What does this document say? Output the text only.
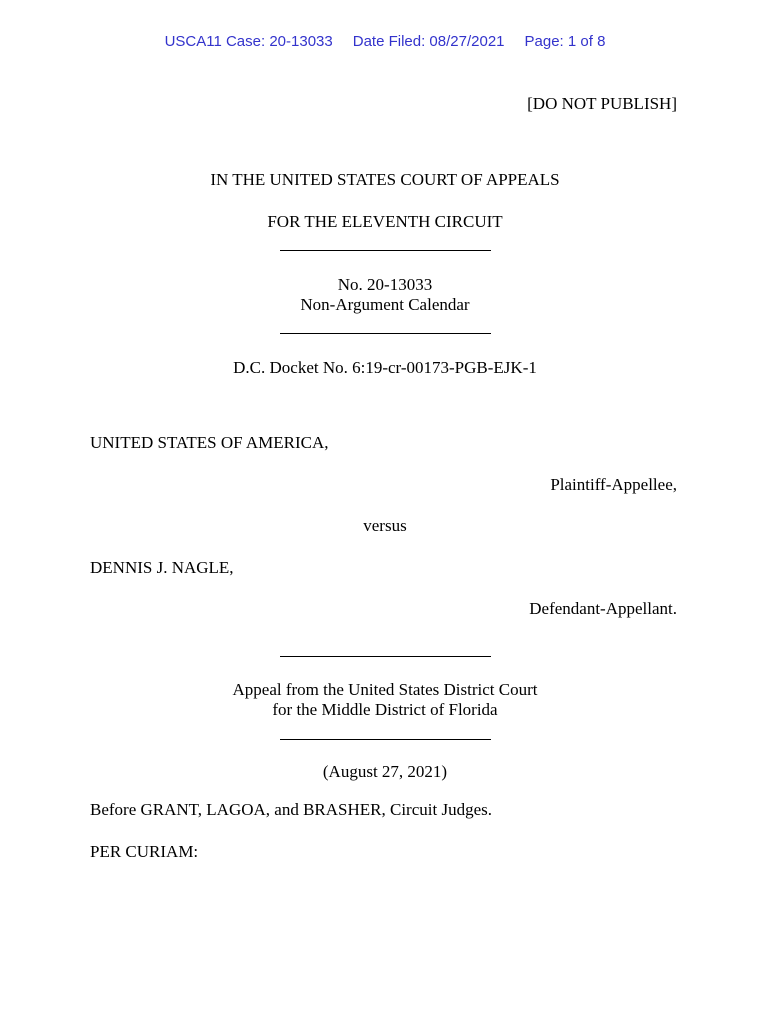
USCA11 Case: 20-13033 Date Filed: 08/27/2021 Page: 1 of 8
[DO NOT PUBLISH]
IN THE UNITED STATES COURT OF APPEALS
FOR THE ELEVENTH CIRCUIT
No. 20-13033
Non-Argument Calendar
D.C. Docket No. 6:19-cr-00173-PGB-EJK-1
UNITED STATES OF AMERICA,
Plaintiff-Appellee,
versus
DENNIS J. NAGLE,
Defendant-Appellant.
Appeal from the United States District Court
for the Middle District of Florida
(August 27, 2021)
Before GRANT, LAGOA, and BRASHER, Circuit Judges.
PER CURIAM:
